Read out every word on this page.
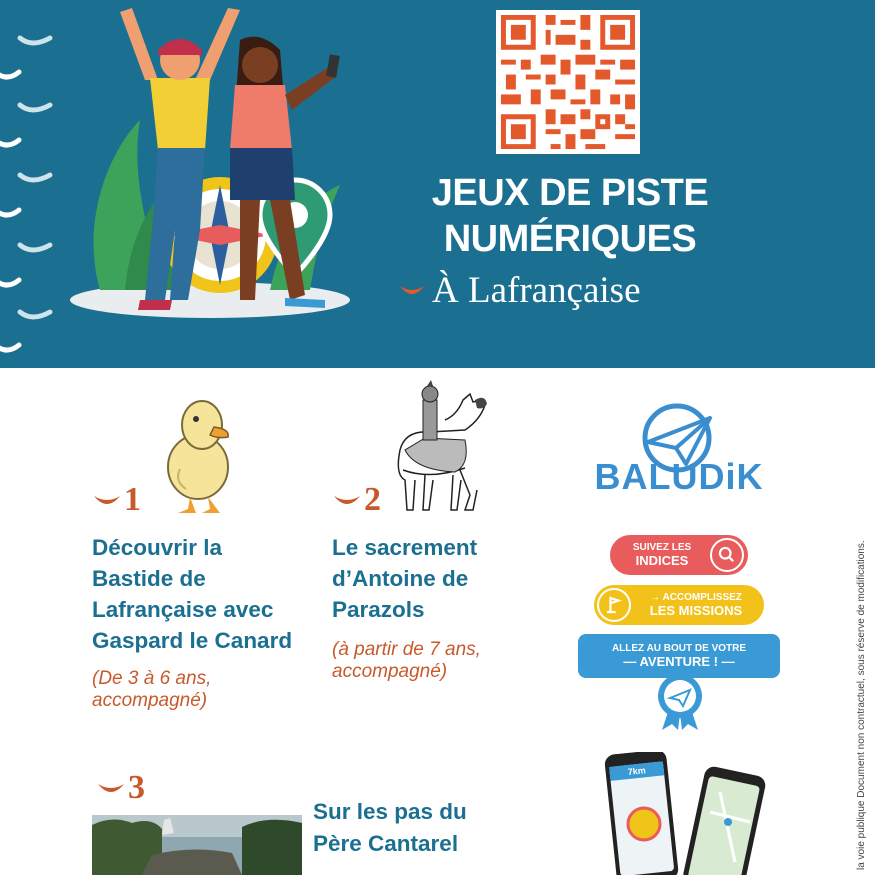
JEUX DE PISTE
NUMÉRIQUES
À Lafrançaise
1
Découvrir la Bastide de Lafrançaise avec Gaspard le Canard
(De 3 à 6 ans, accompagné)
2
Le sacrement d’Antoine de Parazols
(à partir de 7 ans, accompagné)
3
Sur les pas du Père Cantarel
BALUDiK
SUIVEZ LES
INDICES
→ ACCOMPLISSEZ
LES MISSIONS
ALLEZ AU BOUT DE VOTRE
— AVENTURE ! —
7km	la voie publique Document non contractuel, sous réserve de modifications.
